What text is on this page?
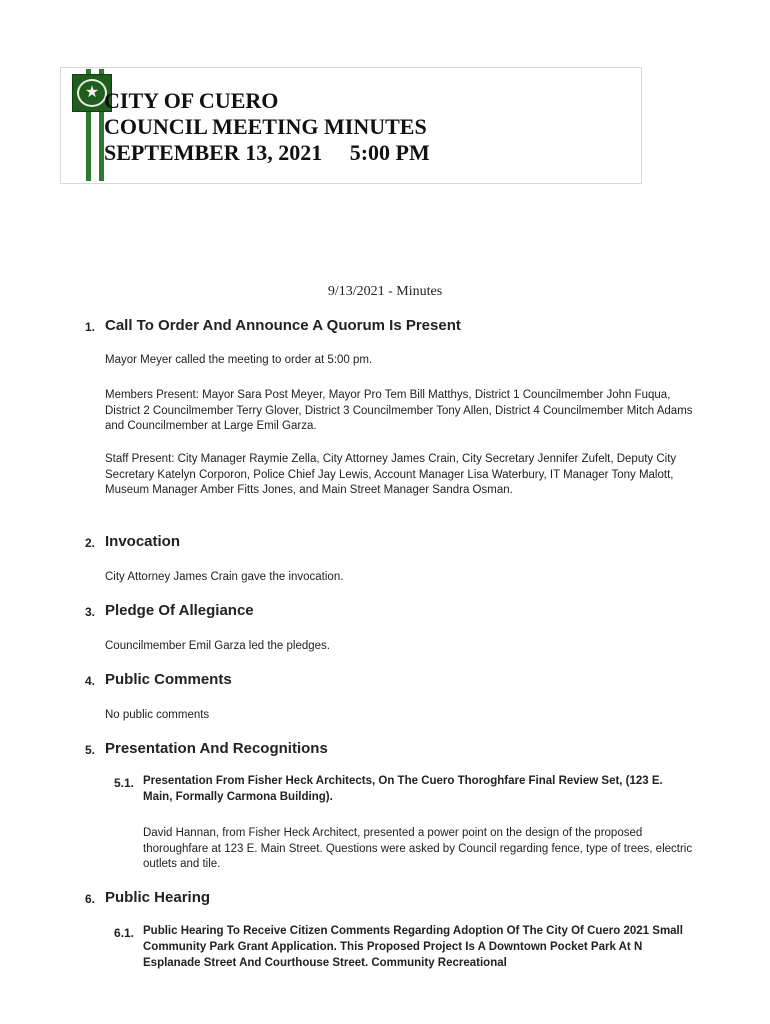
★ CITY OF CUERO
COUNCIL MEETING MINUTES
SEPTEMBER 13, 2021     5:00 PM
9/13/2021 - Minutes
1. Call To Order And Announce A Quorum Is Present

Mayor Meyer called the meeting to order at 5:00 pm.

Members Present: Mayor Sara Post Meyer, Mayor Pro Tem Bill Matthys, District 1 Councilmember John Fuqua, District 2 Councilmember Terry Glover, District 3 Councilmember Tony Allen, District 4 Councilmember Mitch Adams and Councilmember at Large Emil Garza.

Staff Present: City Manager Raymie Zella, City Attorney James Crain, City Secretary Jennifer Zufelt, Deputy City Secretary Katelyn Corporon, Police Chief Jay Lewis, Account Manager Lisa Waterbury, IT Manager Tony Malott, Museum Manager Amber Fitts Jones, and Main Street Manager Sandra Osman.

2. Invocation

City Attorney James Crain gave the invocation.

3. Pledge Of Allegiance

Councilmember Emil Garza led the pledges.

4. Public Comments

No public comments

5. Presentation And Recognitions
5.1. Presentation From Fisher Heck Architects, On The Cuero Thoroghfare Final Review Set, (123 E. Main, Formally Carmona Building).

David Hannan, from Fisher Heck Architect, presented a power point on the design of the proposed thoroughfare at 123 E. Main Street. Questions were asked by Council regarding fence, type of trees, electric outlets and tile.

6. Public Hearing
6.1. Public Hearing To Receive Citizen Comments Regarding Adoption Of The City Of Cuero 2021 Small Community Park Grant Application. This Proposed Project Is A Downtown Pocket Park At N Esplanade Street And Courthouse Street. Community Recreational
